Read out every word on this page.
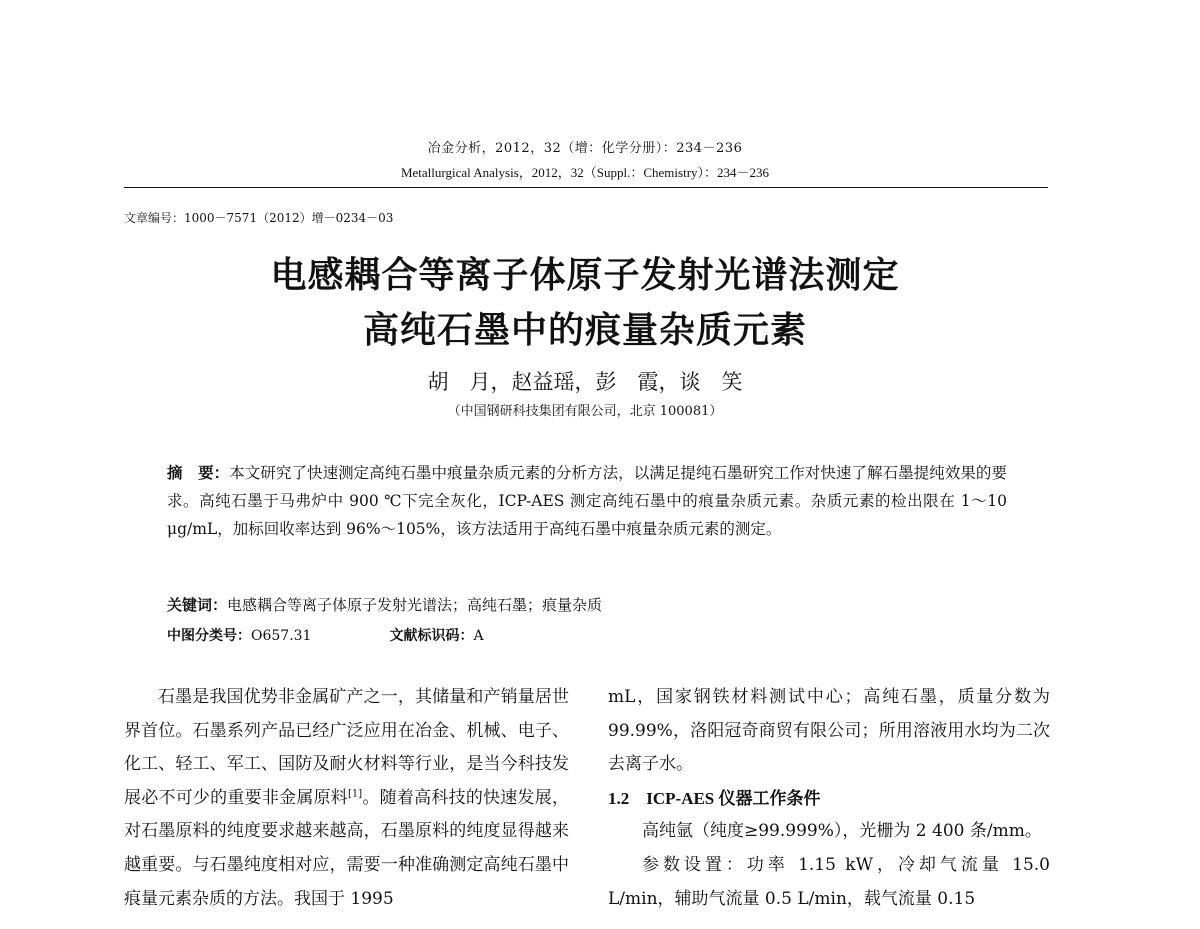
冶金分析，2012，32（增：化学分册）：234－236
Metallurgical Analysis，2012，32（Suppl.：Chemistry）：234－236
文章编号：1000－7571（2012）增－0234－03
电感耦合等离子体原子发射光谱法测定
高纯石墨中的痕量杂质元素
胡　月，赵益瑶，彭　霞，谈　笑
（中国钢研科技集团有限公司，北京 100081）
摘　要：本文研究了快速测定高纯石墨中痕量杂质元素的分析方法，以满足提纯石墨研究工作对快速了解石墨提纯效果的要求。高纯石墨于马弗炉中 900 ℃下完全灰化，ICP-AES 测定高纯石墨中的痕量杂质元素。杂质元素的检出限在 1～10 μg/mL，加标回收率达到 96%～105%，该方法适用于高纯石墨中痕量杂质元素的测定。
关键词：电感耦合等离子体原子发射光谱法；高纯石墨；痕量杂质
中图分类号：O657.31	文献标识码：A
石墨是我国优势非金属矿产之一，其储量和产销量居世界首位。石墨系列产品已经广泛应用在冶金、机械、电子、化工、轻工、军工、国防及耐火材料等行业，是当今科技发展必不可少的重要非金属原料[1]。随着高科技的快速发展，对石墨原料的纯度要求越来越高，石墨原料的纯度显得越来越重要。与石墨纯度相对应，需要一种准确测定高纯石墨中痕量元素杂质的方法。我国于 1995
mL，国家钢铁材料测试中心；高纯石墨，质量分数为 99.99%，洛阳冠奇商贸有限公司；所用溶液用水均为二次去离子水。
1.2  ICP-AES 仪器工作条件
高纯氩（纯度≥99.999%），光栅为 2 400 条/mm。
参数设置：功率 1.15 kW，冷却气流量 15.0 L/min，辅助气流量 0.5 L/min，载气流量 0.15
